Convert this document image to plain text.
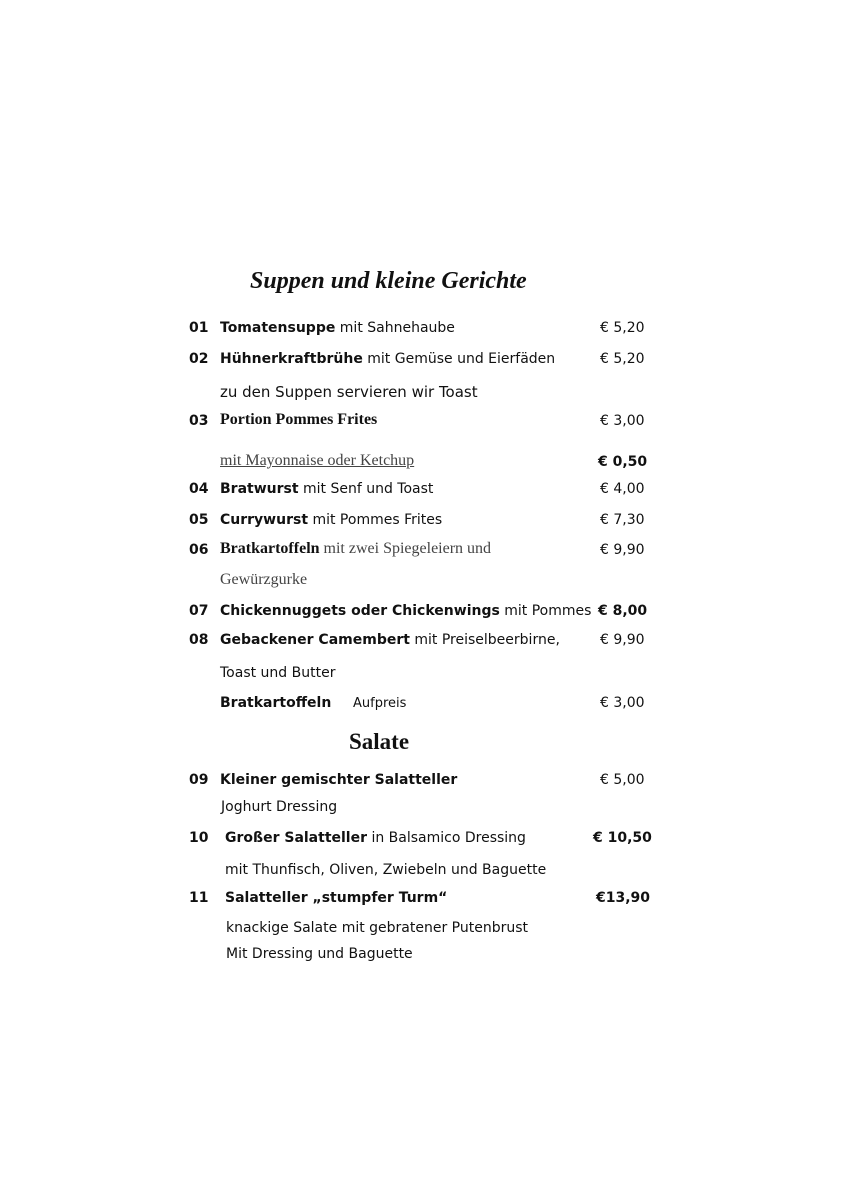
Suppen und kleine Gerichte
01 Tomatensuppe mit Sahnehaube	€ 5,20
02 Hühnerkraftbrühe mit Gemüse und Eierfäden	€ 5,20
zu den Suppen servieren wir Toast
03 Portion Pommes Frites	€ 3,00
mit Mayonnaise oder Ketchup	€ 0,50
04 Bratwurst mit Senf und Toast	€ 4,00
05 Currywurst mit Pommes Frites	€ 7,30
06 Bratkartoffeln mit zwei Spiegeleiern und	€ 9,90
Gewürzgurke
07 Chickennuggets oder Chickenwings mit Pommes € 8,00
08 Gebackener Camembert mit Preiselbeerbirne,	€ 9,90
Toast und Butter
Bratkartoffeln Aufpreis	€ 3,00
Salate
09 Kleiner gemischter Salatteller	€ 5,00
Joghurt Dressing
10 Großer Salatteller in Balsamico Dressing	€ 10,50
mit Thunfisch, Oliven, Zwiebeln und Baguette
11 Salatteller „stumpfer Turm“	€13,90
knackige Salate mit gebratener Putenbrust
Mit Dressing und Baguette
